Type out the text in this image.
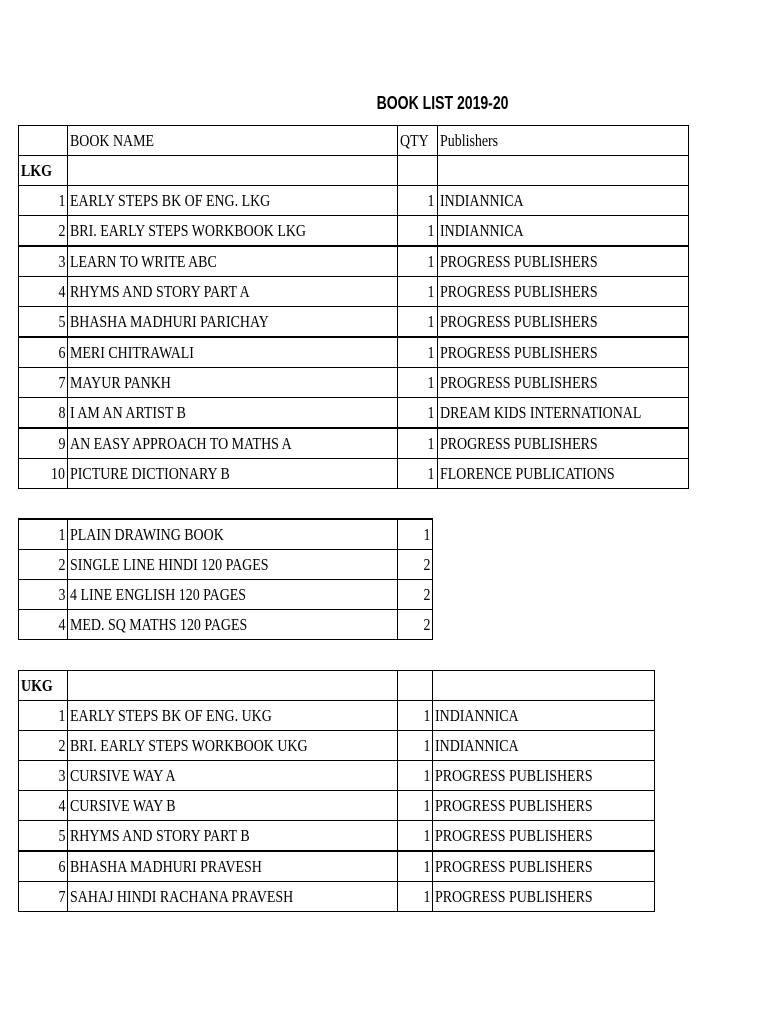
BOOK LIST 2019-20
	BOOK NAME	QTY	Publishers
LKG			
1	EARLY STEPS BK OF ENG. LKG	1	INDIANNICA
2	BRI. EARLY STEPS WORKBOOK LKG	1	INDIANNICA
3	LEARN TO WRITE ABC	1	PROGRESS PUBLISHERS
4	RHYMS AND STORY PART A	1	PROGRESS PUBLISHERS
5	BHASHA MADHURI PARICHAY	1	PROGRESS PUBLISHERS
6	MERI CHITRAWALI	1	PROGRESS PUBLISHERS
7	MAYUR PANKH	1	PROGRESS PUBLISHERS
8	I AM AN ARTIST B	1	DREAM KIDS INTERNATIONAL
9	AN EASY APPROACH TO MATHS A	1	PROGRESS PUBLISHERS
10	PICTURE DICTIONARY B	1	FLORENCE PUBLICATIONS
1	PLAIN DRAWING BOOK	1
2	SINGLE LINE HINDI 120 PAGES	2
3	4 LINE ENGLISH 120 PAGES	2
4	MED. SQ MATHS 120 PAGES	2
UKG			
1	EARLY STEPS BK OF ENG. UKG	1	INDIANNICA
2	BRI. EARLY STEPS WORKBOOK UKG	1	INDIANNICA
3	CURSIVE WAY A	1	PROGRESS PUBLISHERS
4	CURSIVE WAY B	1	PROGRESS PUBLISHERS
5	RHYMS AND STORY PART B	1	PROGRESS PUBLISHERS
6	BHASHA MADHURI PRAVESH	1	PROGRESS PUBLISHERS
7	SAHAJ HINDI RACHANA PRAVESH	1	PROGRESS PUBLISHERS
